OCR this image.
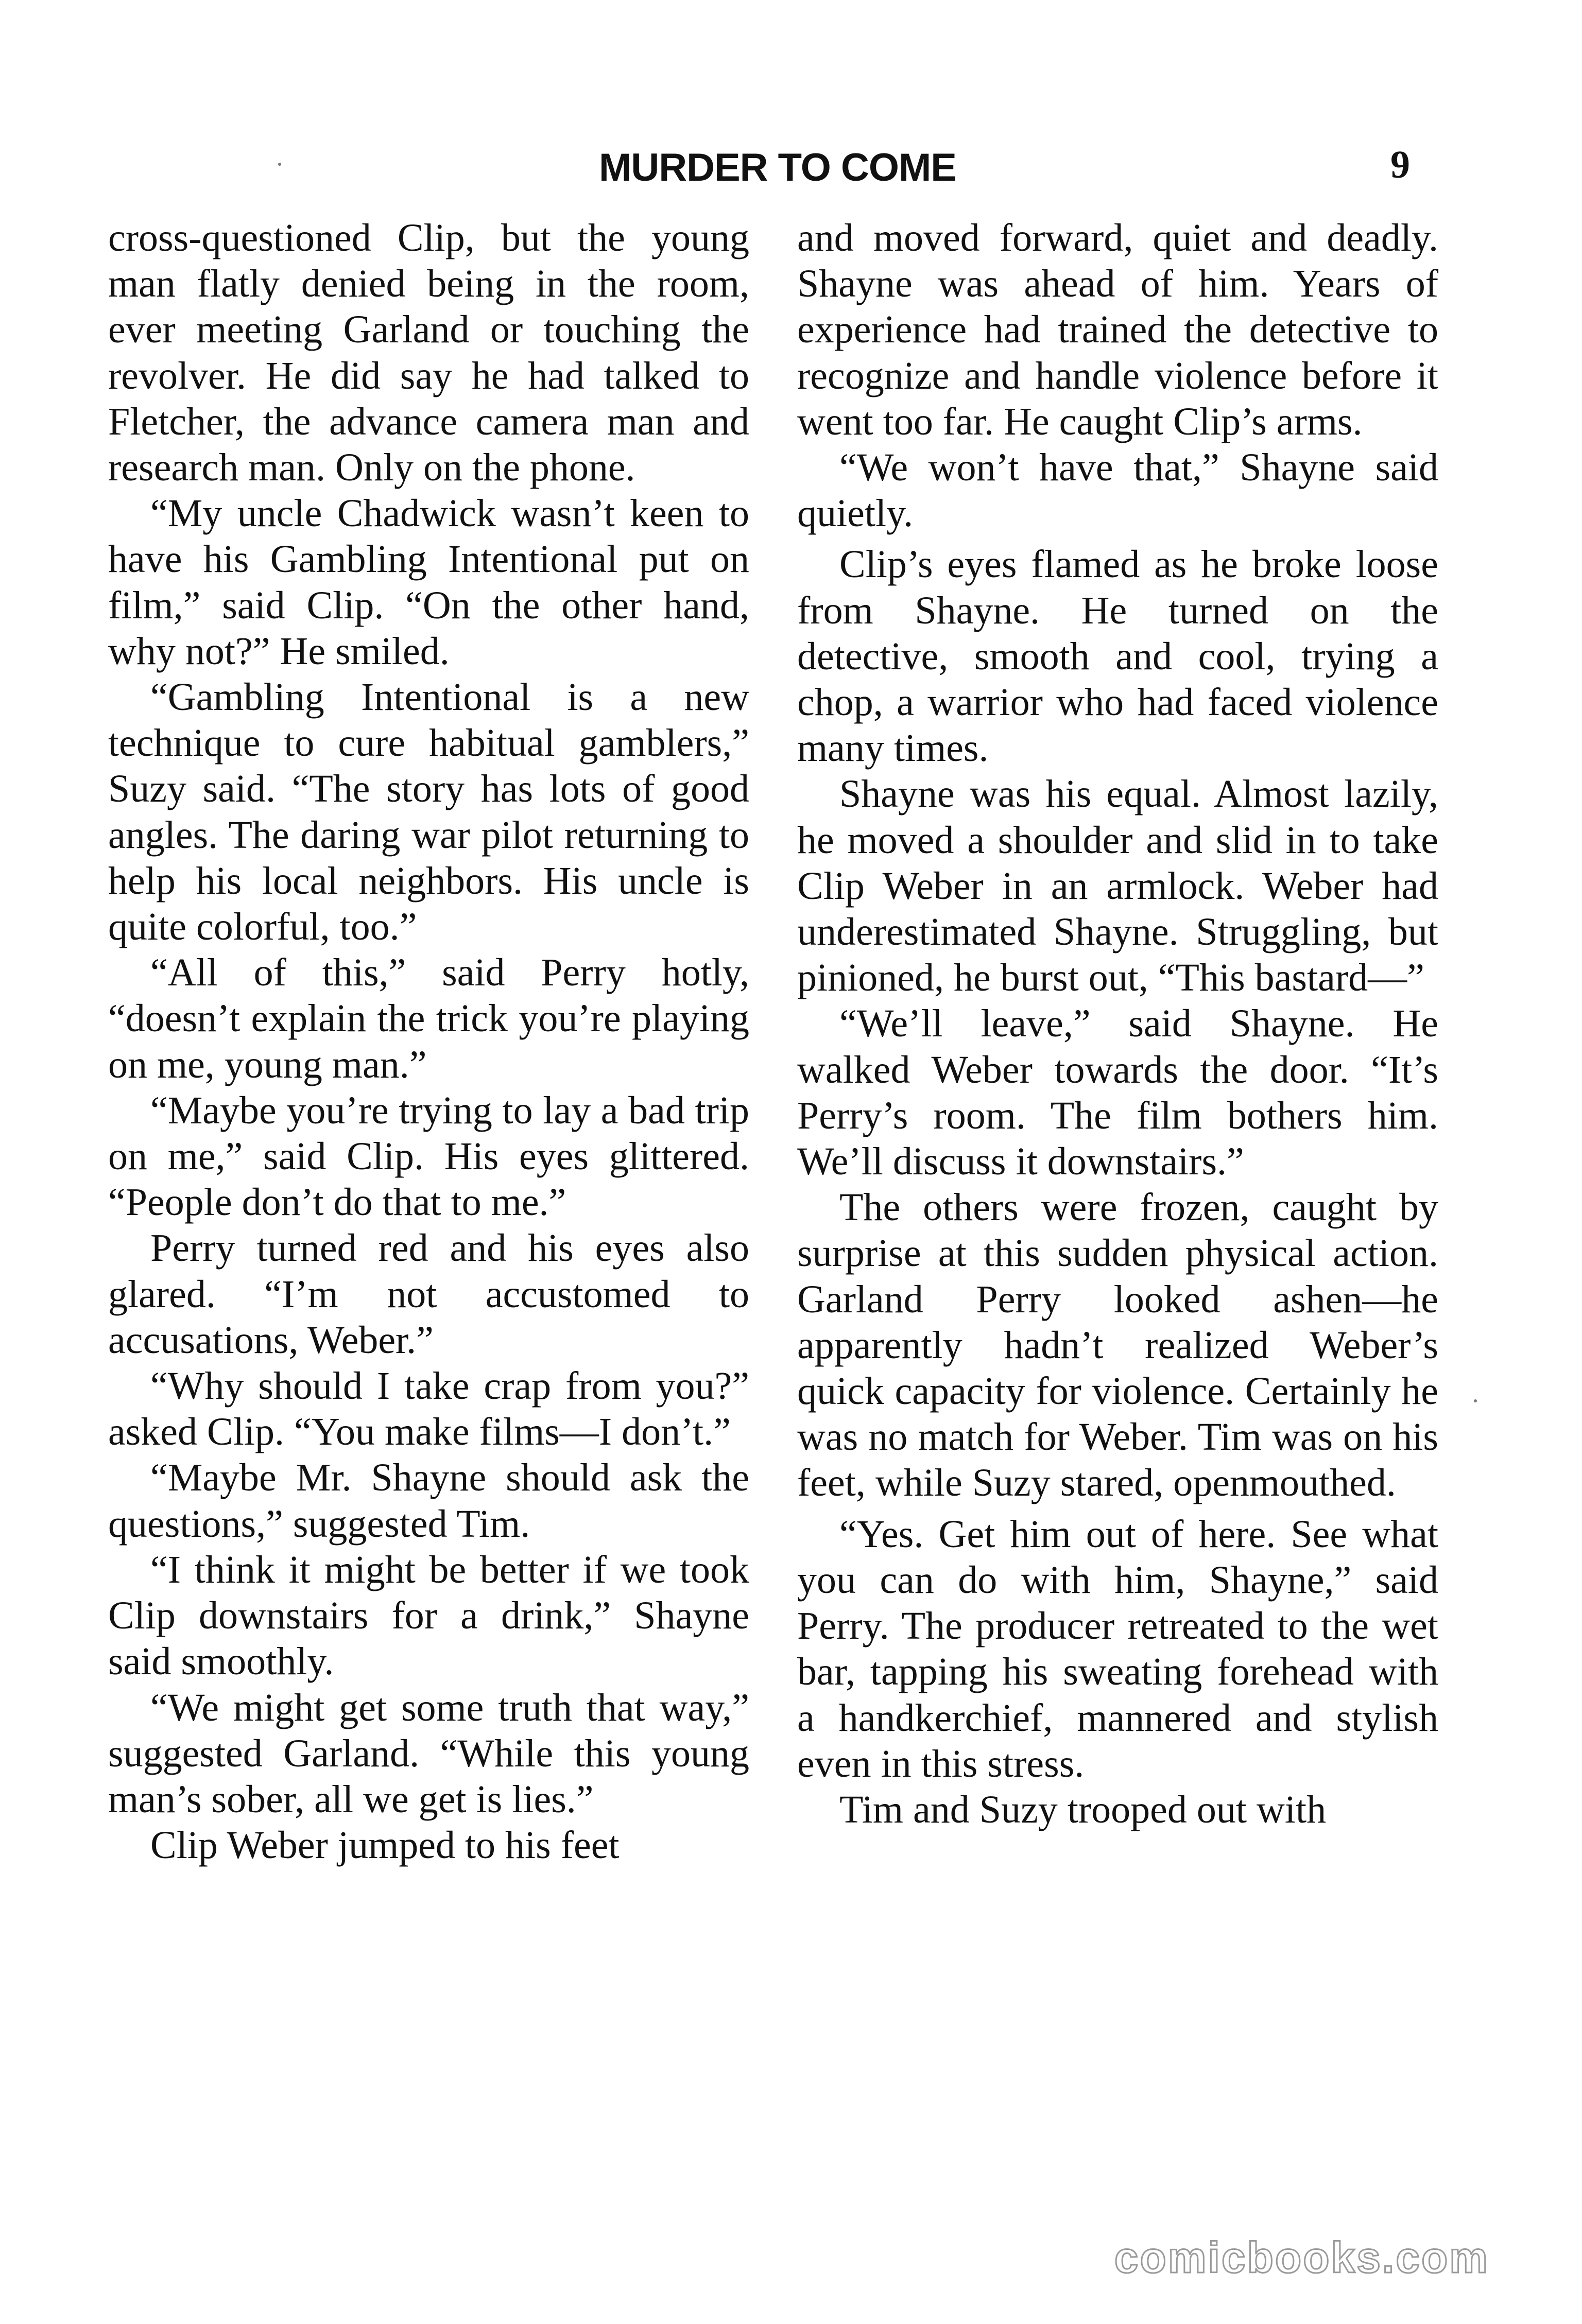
MURDER TO COME	9

cross-questioned Clip, but the young man flatly denied being in the room, ever meeting Garland or touching the revolver. He did say he had talked to Fletcher, the advance camera man and research man. Only on the phone.

“My uncle Chadwick wasn’t keen to have his Gambling Intentional put on film,” said Clip. “On the other hand, why not?” He smiled.

“Gambling Intentional is a new technique to cure habitual gamblers,” Suzy said. “The story has lots of good angles. The daring war pilot returning to help his local neighbors. His uncle is quite colorful, too.”

“All of this,” said Perry hotly, “doesn’t explain the trick you’re playing on me, young man.”

“Maybe you’re trying to lay a bad trip on me,” said Clip. His eyes glittered. “People don’t do that to me.”

Perry turned red and his eyes also glared. “I’m not accustomed to accusations, Weber.”

“Why should I take crap from you?” asked Clip. “You make films—I don’t.”

“Maybe Mr. Shayne should ask the questions,” suggested Tim.

“I think it might be better if we took Clip downstairs for a drink,” Shayne said smoothly.

“We might get some truth that way,” suggested Garland. “While this young man’s sober, all we get is lies.”

Clip Weber jumped to his feet

and moved forward, quiet and deadly. Shayne was ahead of him. Years of experience had trained the detective to recognize and handle violence before it went too far. He caught Clip’s arms.

“We won’t have that,” Shayne said quietly.

Clip’s eyes flamed as he broke loose from Shayne. He turned on the detective, smooth and cool, trying a chop, a warrior who had faced violence many times.

Shayne was his equal. Almost lazily, he moved a shoulder and slid in to take Clip Weber in an armlock. Weber had underestimated Shayne. Struggling, but pinioned, he burst out, “This bastard—”

“We’ll leave,” said Shayne. He walked Weber towards the door. “It’s Perry’s room. The film bothers him. We’ll discuss it downstairs.”

The others were frozen, caught by surprise at this sudden physical action. Garland Perry looked ashen—he apparently hadn’t realized Weber’s quick capacity for violence. Certainly he was no match for Weber. Tim was on his feet, while Suzy stared, openmouthed.

“Yes. Get him out of here. See what you can do with him, Shayne,” said Perry. The producer retreated to the wet bar, tapping his sweating forehead with a handkerchief, mannered and stylish even in this stress.

Tim and Suzy trooped out with

comicbooks.com
